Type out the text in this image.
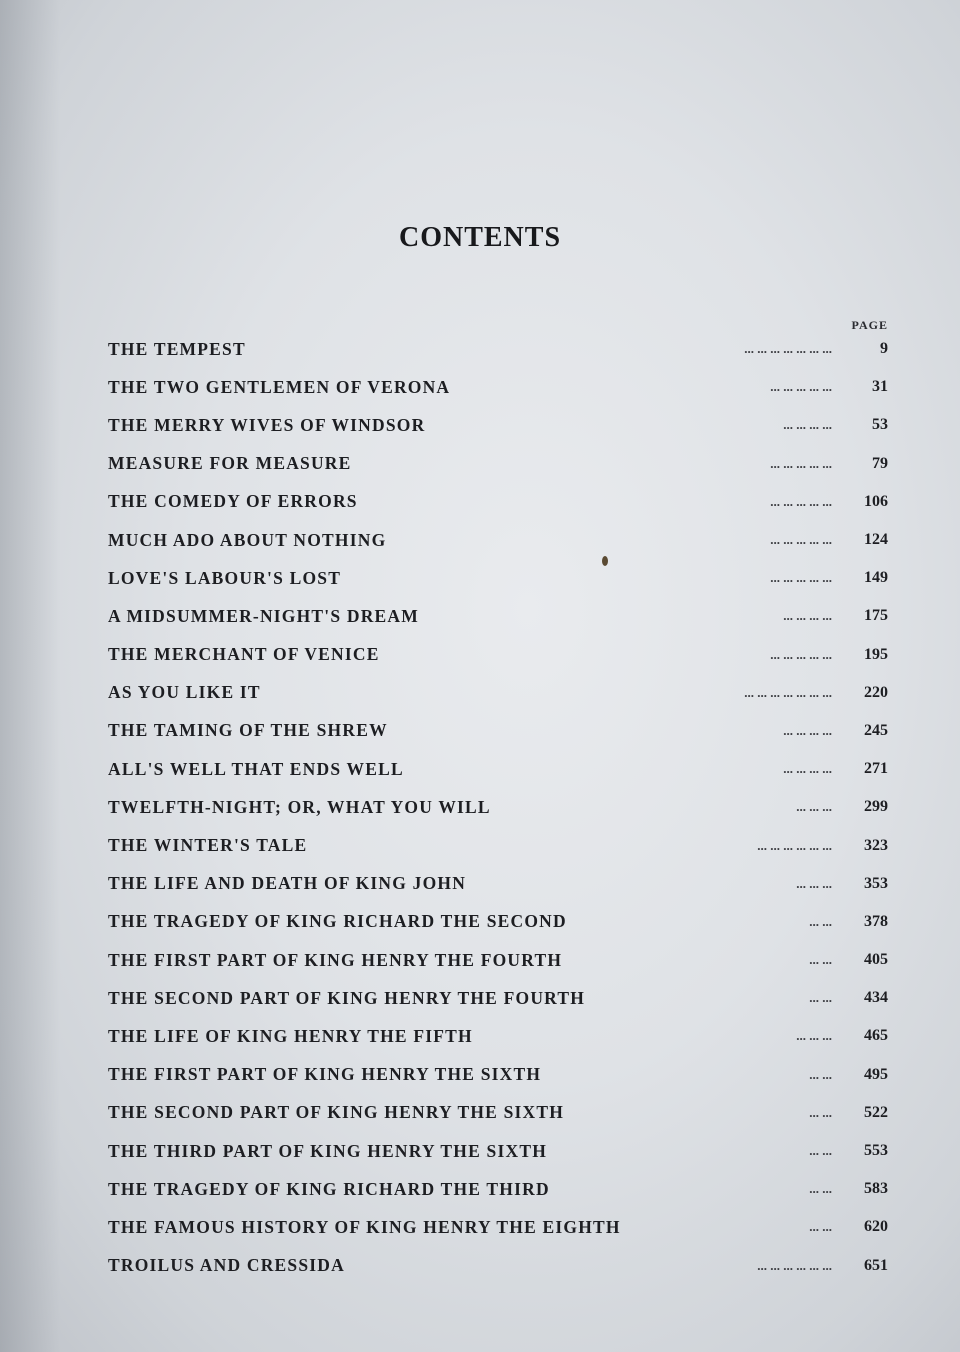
CONTENTS
PAGE
THE TEMPEST	... ... ... ... ... ... ...	9
THE TWO GENTLEMEN OF VERONA	... ... ... ... ...	31
THE MERRY WIVES OF WINDSOR	... ... ... ...	53
MEASURE FOR MEASURE	... ... ... ... ...	79
THE COMEDY OF ERRORS	... ... ... ... ...	106
MUCH ADO ABOUT NOTHING	... ... ... ... ...	124
LOVE'S LABOUR'S LOST	... ... ... ... ...	149
A MIDSUMMER-NIGHT'S DREAM	... ... ... ...	175
THE MERCHANT OF VENICE	... ... ... ... ...	195
AS YOU LIKE IT	... ... ... ... ... ... ...	220
THE TAMING OF THE SHREW	... ... ... ...	245
ALL'S WELL THAT ENDS WELL	... ... ... ...	271
TWELFTH-NIGHT; OR, WHAT YOU WILL	... ... ...	299
THE WINTER'S TALE	... ... ... ... ... ...	323
THE LIFE AND DEATH OF KING JOHN	... ... ...	353
THE TRAGEDY OF KING RICHARD THE SECOND	... ...	378
THE FIRST PART OF KING HENRY THE FOURTH	... ...	405
THE SECOND PART OF KING HENRY THE FOURTH	... ...	434
THE LIFE OF KING HENRY THE FIFTH	... ... ...	465
THE FIRST PART OF KING HENRY THE SIXTH	... ...	495
THE SECOND PART OF KING HENRY THE SIXTH	... ...	522
THE THIRD PART OF KING HENRY THE SIXTH	... ...	553
THE TRAGEDY OF KING RICHARD THE THIRD	... ...	583
THE FAMOUS HISTORY OF KING HENRY THE EIGHTH	... ...	620
TROILUS AND CRESSIDA	... ... ... ... ... ...	651
